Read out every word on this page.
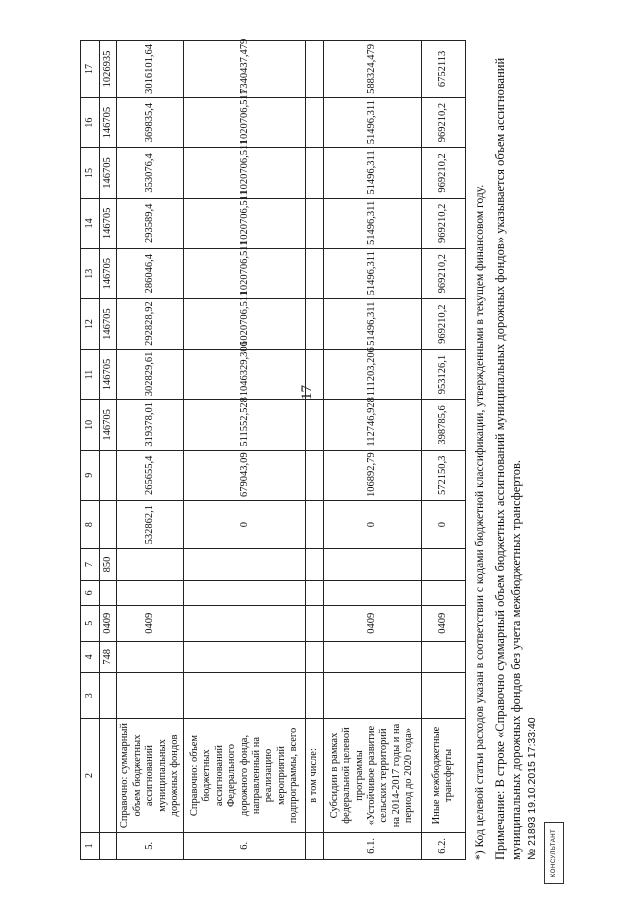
17
1	2	3	4	5	6	7	8	9	10	11	12	13	14	15	16	17
			748	0409		850			146705	146705	146705	146705	146705	146705	146705	1026935
5.	Справочно: суммарный объем бюджетных ассигнований муниципальных дорожных фондов			0409			532862,1	265655,4	319378,01	302829,61	292828,92	286046,4	293589,4	353076,4	369835,4	3016101,64
6.	Справочно: объем бюджетных ассигнований Федерального дорожного фонда, направленный на реализацию мероприятий подпрограммы, всего						0	679043,09	511552,528	1046329,306	1020706,511	1020706,511	1020706,511	1020706,511	1020706,511	7340437,479
	в том числе:															
6.1.	Субсидии в рамках федеральной целевой программы «Устойчивое развитие сельских территорий на 2014-2017 годы и на период до 2020 года»			0409			0	106892,79	112746,928	111203,206	51496,311	51496,311	51496,311	51496,311	51496,311	588324,479
6.2.	Иные межбюджетные трансферты			0409			0	572150,3	398785,6	953126,1	969210,2	969210,2	969210,2	969210,2	969210,2	6752113
*) Код целевой статьи расходов указан в соответствии с кодами бюджетной классификации, утвержденными в текущем финансовом году. Примечание: В строке «Справочно суммарный объем бюджетных ассигнований муниципальных дорожных фондов» указывается объем ассигнований муниципальных дорожных фондов без учета межбюджетных трансфертов. № 21893 19.10.2015 17:33:40 КОНСУЛЬТАНТ
